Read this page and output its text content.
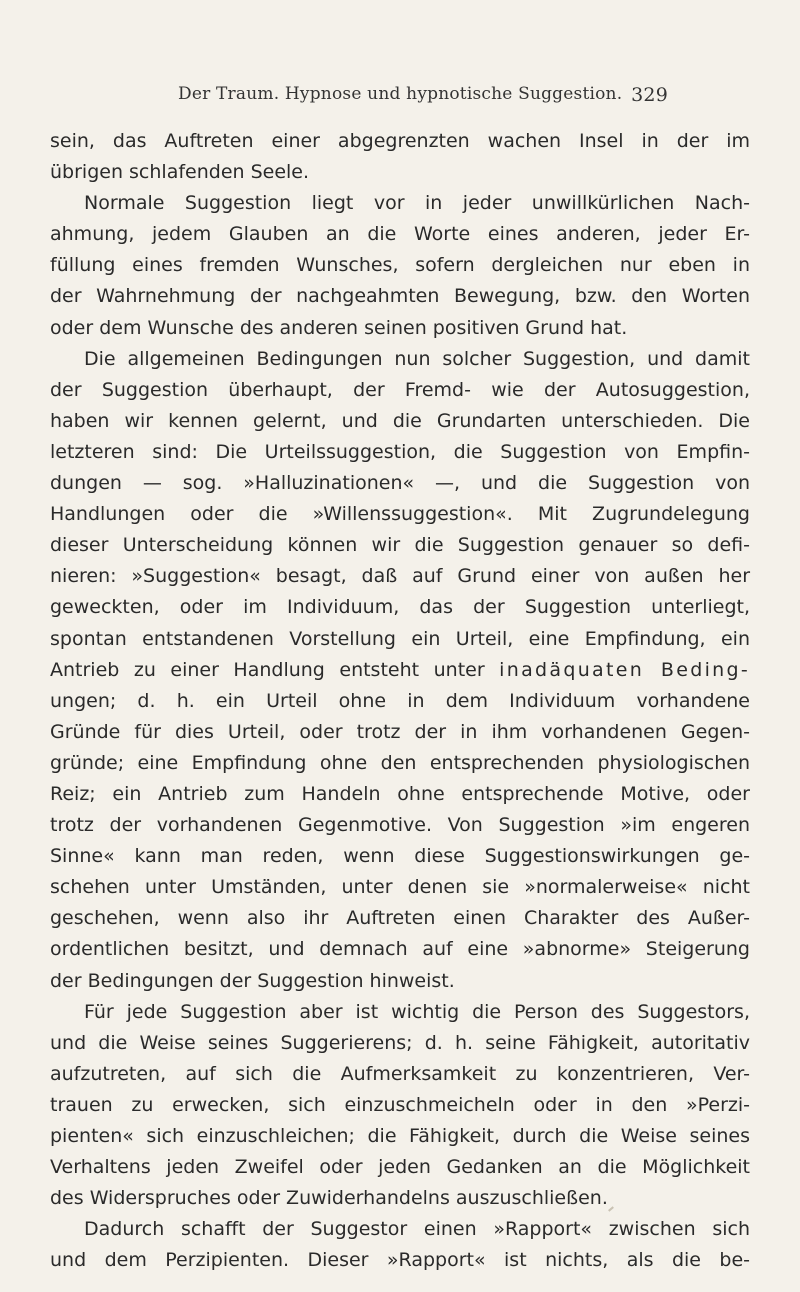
Der Traum. Hypnose und hypnotische Suggestion. 329
sein, das Auftreten einer abgegrenzten wachen Insel in der im
übrigen schlafenden Seele.
Normale Suggestion liegt vor in jeder unwillkürlichen Nach-
ahmung, jedem Glauben an die Worte eines anderen, jeder Er-
füllung eines fremden Wunsches, sofern dergleichen nur eben in
der Wahrnehmung der nachgeahmten Bewegung, bzw. den Worten
oder dem Wunsche des anderen seinen positiven Grund hat.
Die allgemeinen Bedingungen nun solcher Suggestion, und damit
der Suggestion überhaupt, der Fremd- wie der Autosuggestion,
haben wir kennen gelernt, und die Grundarten unterschieden. Die
letzteren sind: Die Urteilssuggestion, die Suggestion von Empfin-
dungen — sog. »Halluzinationen« —, und die Suggestion von
Handlungen oder die »Willenssuggestion«. Mit Zugrundelegung
dieser Unterscheidung können wir die Suggestion genauer so defi-
nieren: »Suggestion« besagt, daß auf Grund einer von außen her
geweckten, oder im Individuum, das der Suggestion unterliegt,
spontan entstandenen Vorstellung ein Urteil, eine Empfindung, ein
Antrieb zu einer Handlung entsteht unter inadäquaten Beding-
ungen; d. h. ein Urteil ohne in dem Individuum vorhandene
Gründe für dies Urteil, oder trotz der in ihm vorhandenen Gegen-
gründe; eine Empfindung ohne den entsprechenden physiologischen
Reiz; ein Antrieb zum Handeln ohne entsprechende Motive, oder
trotz der vorhandenen Gegenmotive. Von Suggestion »im engeren
Sinne« kann man reden, wenn diese Suggestionswirkungen ge-
schehen unter Umständen, unter denen sie »normalerweise« nicht
geschehen, wenn also ihr Auftreten einen Charakter des Außer-
ordentlichen besitzt, und demnach auf eine »abnorme» Steigerung
der Bedingungen der Suggestion hinweist.
Für jede Suggestion aber ist wichtig die Person des Suggestors,
und die Weise seines Suggerierens; d. h. seine Fähigkeit, autoritativ
aufzutreten, auf sich die Aufmerksamkeit zu konzentrieren, Ver-
trauen zu erwecken, sich einzuschmeicheln oder in den »Perzi-
pienten« sich einzuschleichen; die Fähigkeit, durch die Weise seines
Verhaltens jeden Zweifel oder jeden Gedanken an die Möglichkeit
des Widerspruches oder Zuwiderhandelns auszuschließen.
Dadurch schafft der Suggestor einen »Rapport« zwischen sich
und dem Perzipienten. Dieser »Rapport« ist nichts, als die be-
